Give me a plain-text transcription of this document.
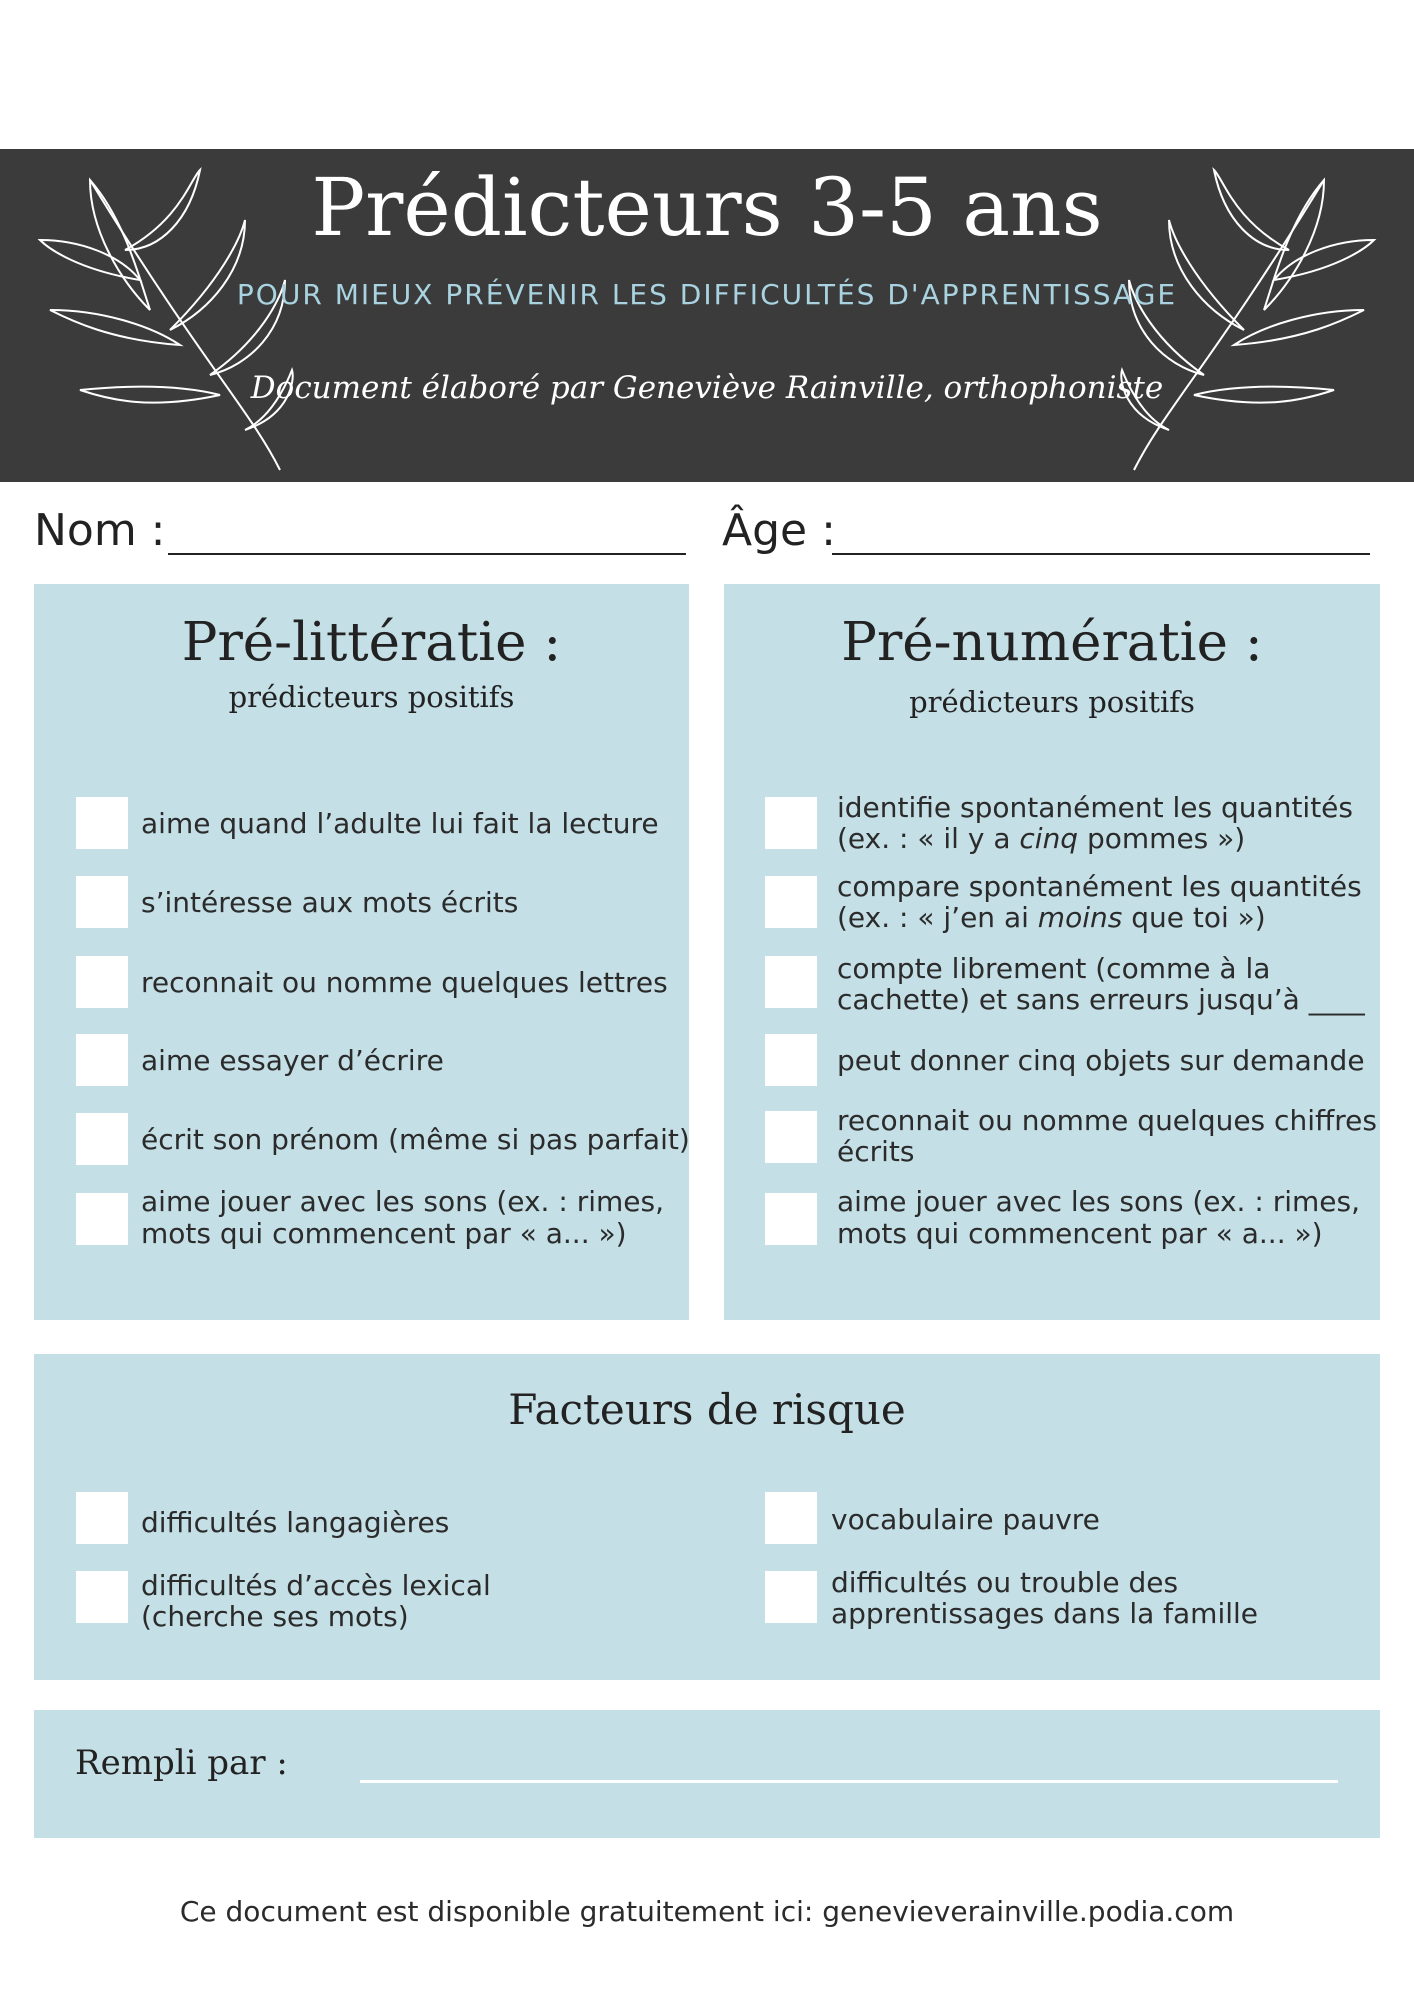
Prédicteurs 3-5 ans
POUR MIEUX PRÉVENIR LES DIFFICULTÉS D'APPRENTISSAGE
Document élaboré par Geneviève Rainville, orthophoniste
Nom :	Âge :
Pré-littératie :
prédicteurs positifs
aime quand l’adulte lui fait la lecture
s’intéresse aux mots écrits
reconnait ou nomme quelques lettres
aime essayer d’écrire
écrit son prénom (même si pas parfait)
aime jouer avec les sons (ex. : rimes,
mots qui commencent par « a... »)
Pré-numératie :
prédicteurs positifs
identifie spontanément les quantités
(ex. : « il y a cinq pommes »)
compare spontanément les quantités
(ex. : « j’en ai moins que toi »)
compte librement (comme à la
cachette) et sans erreurs jusqu’à ____
peut donner cinq objets sur demande
reconnait ou nomme quelques chiffres
écrits
aime jouer avec les sons (ex. : rimes,
mots qui commencent par « a... »)
Facteurs de risque
difficultés langagières
difficultés d’accès lexical
(cherche ses mots)
vocabulaire pauvre
difficultés ou trouble des
apprentissages dans la famille
Rempli par :
Ce document est disponible gratuitement ici: genevieverainville.podia.com
